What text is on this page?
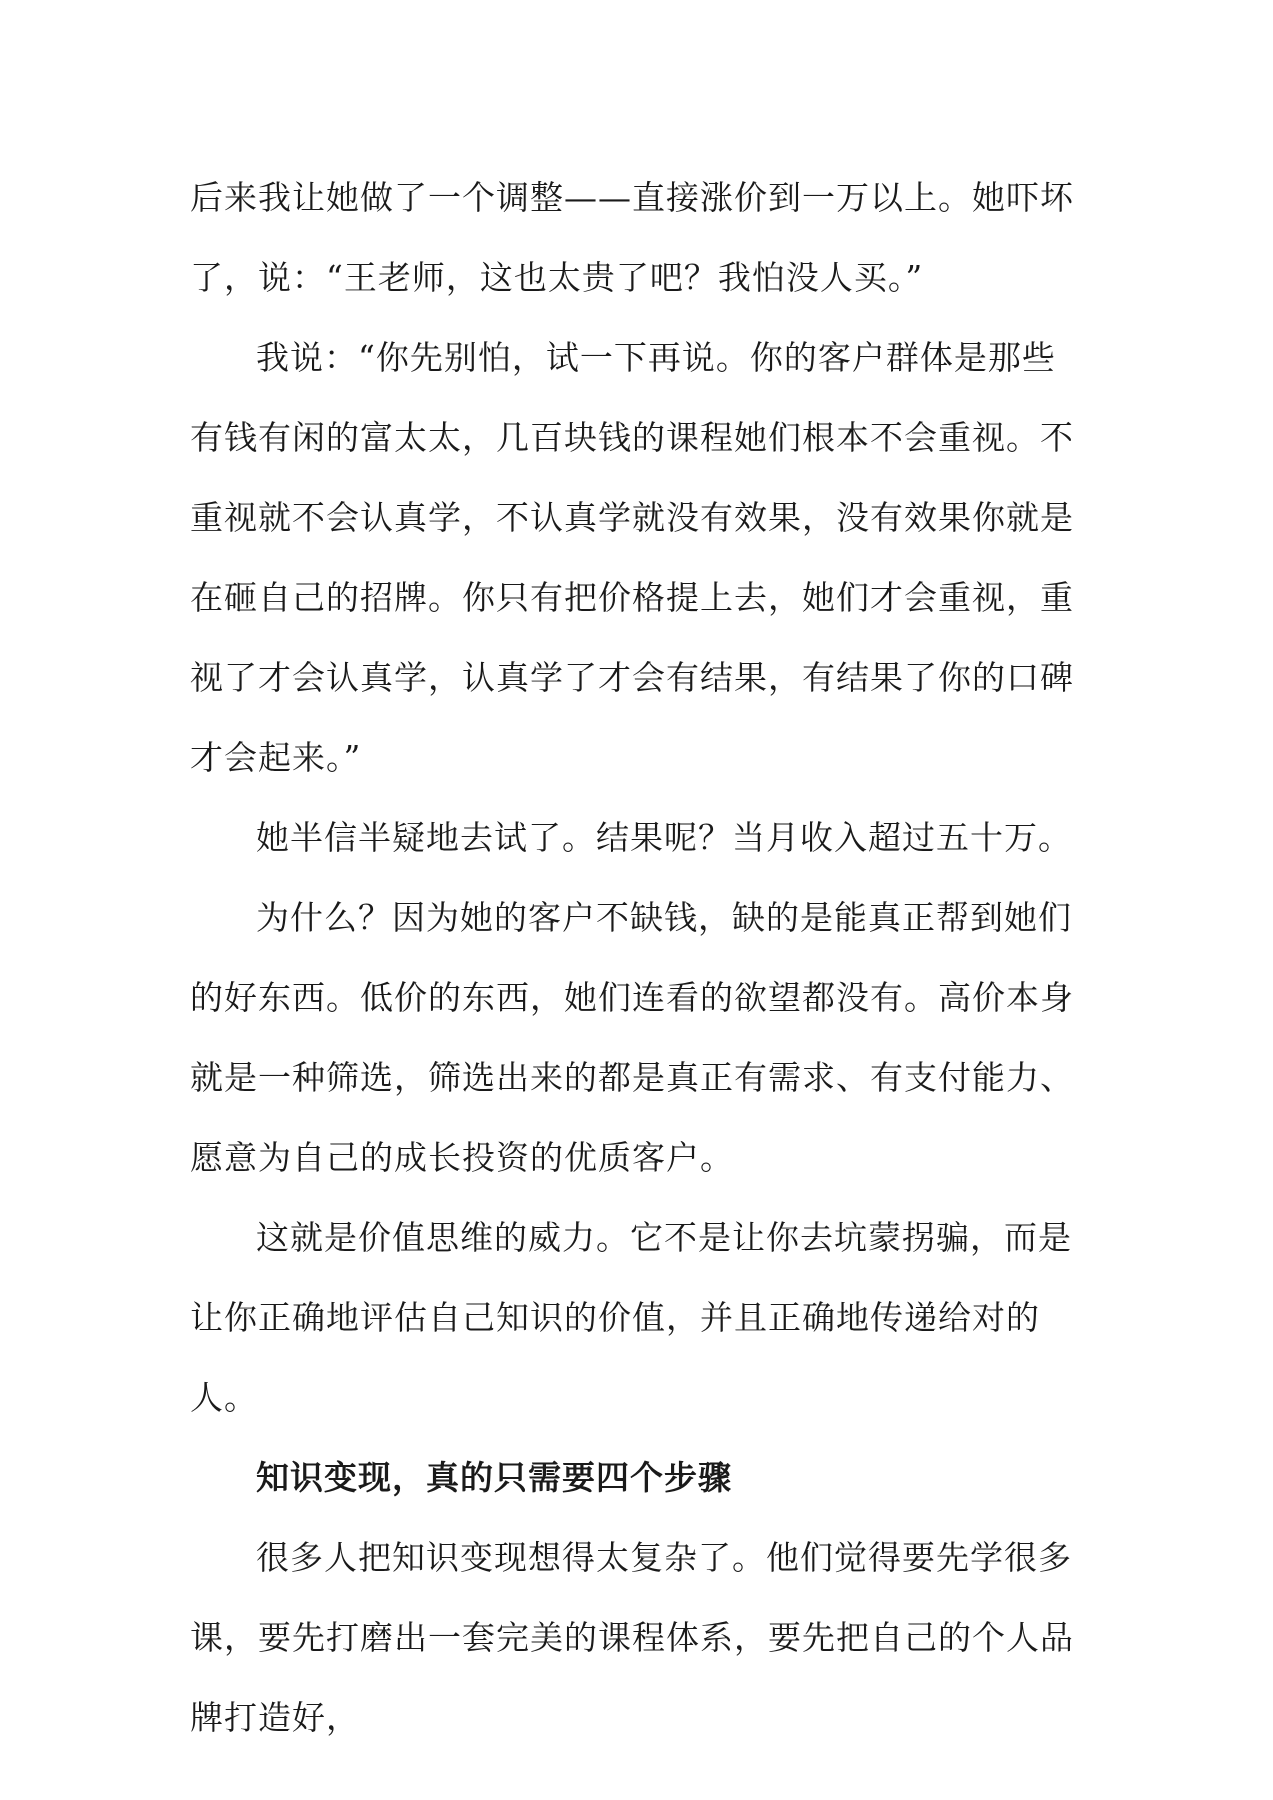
后来我让她做了一个调整——直接涨价到一万以上。她吓坏了，说：“王老师，这也太贵了吧？我怕没人买。”

我说：“你先别怕，试一下再说。你的客户群体是那些有钱有闲的富太太，几百块钱的课程她们根本不会重视。不重视就不会认真学，不认真学就没有效果，没有效果你就是在砸自己的招牌。你只有把价格提上去，她们才会重视，重视了才会认真学，认真学了才会有结果，有结果了你的口碑才会起来。”

她半信半疑地去试了。结果呢？当月收入超过五十万。

为什么？因为她的客户不缺钱，缺的是能真正帮到她们的好东西。低价的东西，她们连看的欲望都没有。高价本身就是一种筛选，筛选出来的都是真正有需求、有支付能力、愿意为自己的成长投资的优质客户。

这就是价值思维的威力。它不是让你去坑蒙拐骗，而是让你正确地评估自己知识的价值，并且正确地传递给对的人。

知识变现，真的只需要四个步骤

很多人把知识变现想得太复杂了。他们觉得要先学很多课，要先打磨出一套完美的课程体系，要先把自己的个人品牌打造好，
